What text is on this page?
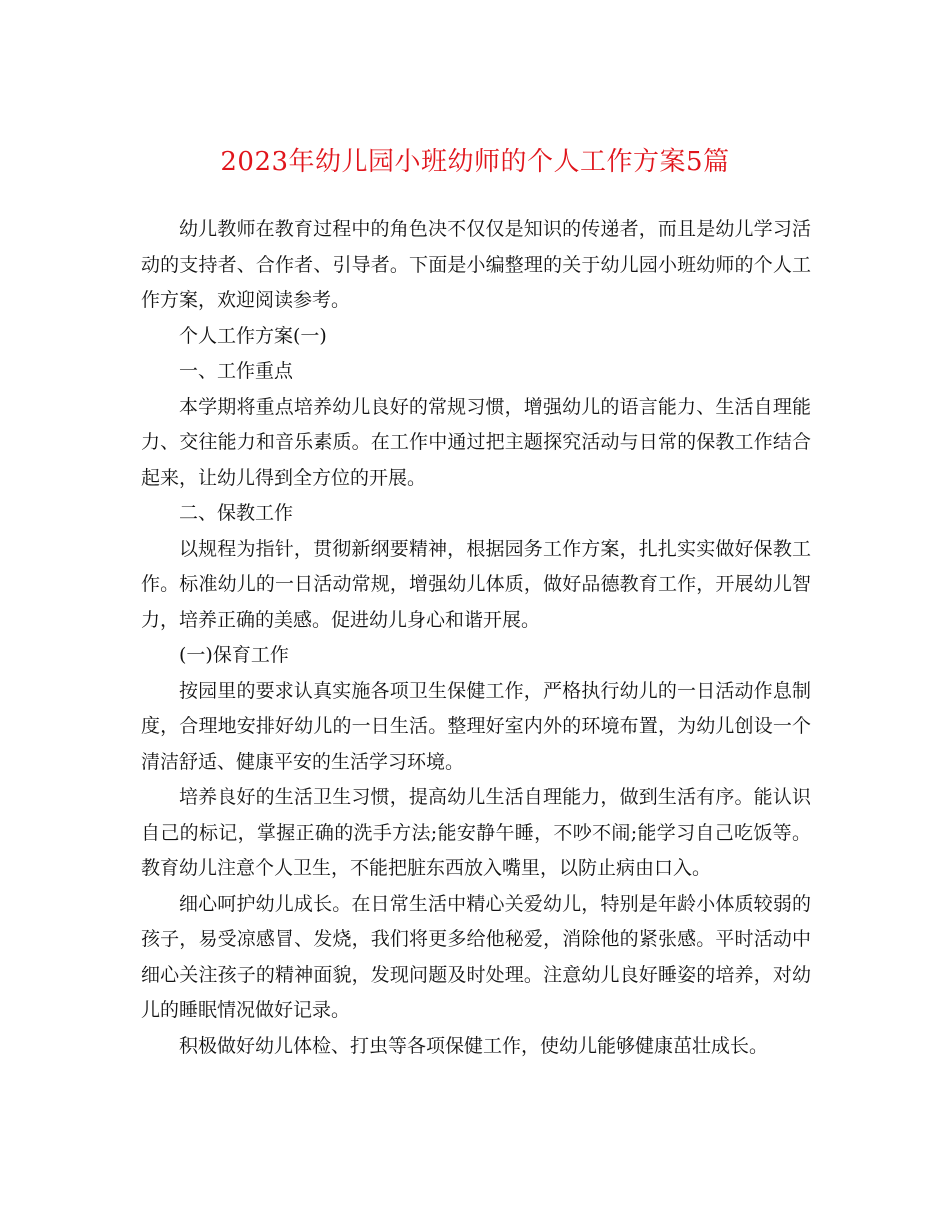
2023年幼儿园小班幼师的个人工作方案5篇

幼儿教师在教育过程中的角色决不仅仅是知识的传递者，而且是幼儿学习活动的支持者、合作者、引导者。下面是小编整理的关于幼儿园小班幼师的个人工作方案，欢迎阅读参考。

个人工作方案(一)

一、工作重点

本学期将重点培养幼儿良好的常规习惯，增强幼儿的语言能力、生活自理能力、交往能力和音乐素质。在工作中通过把主题探究活动与日常的保教工作结合起来，让幼儿得到全方位的开展。

二、保教工作

以规程为指针，贯彻新纲要精神，根据园务工作方案，扎扎实实做好保教工作。标准幼儿的一日活动常规，增强幼儿体质，做好品德教育工作，开展幼儿智力，培养正确的美感。促进幼儿身心和谐开展。

(一)保育工作

按园里的要求认真实施各项卫生保健工作，严格执行幼儿的一日活动作息制度，合理地安排好幼儿的一日生活。整理好室内外的环境布置，为幼儿创设一个清洁舒适、健康平安的生活学习环境。

培养良好的生活卫生习惯，提高幼儿生活自理能力，做到生活有序。能认识自己的标记，掌握正确的洗手方法;能安静午睡，不吵不闹;能学习自己吃饭等。教育幼儿注意个人卫生，不能把脏东西放入嘴里，以防止病由口入。

细心呵护幼儿成长。在日常生活中精心关爱幼儿，特别是年龄小体质较弱的孩子，易受凉感冒、发烧，我们将更多给他秘爱，消除他的紧张感。平时活动中细心关注孩子的精神面貌，发现问题及时处理。注意幼儿良好睡姿的培养，对幼儿的睡眠情况做好记录。

积极做好幼儿体检、打虫等各项保健工作，使幼儿能够健康茁壮成长。
